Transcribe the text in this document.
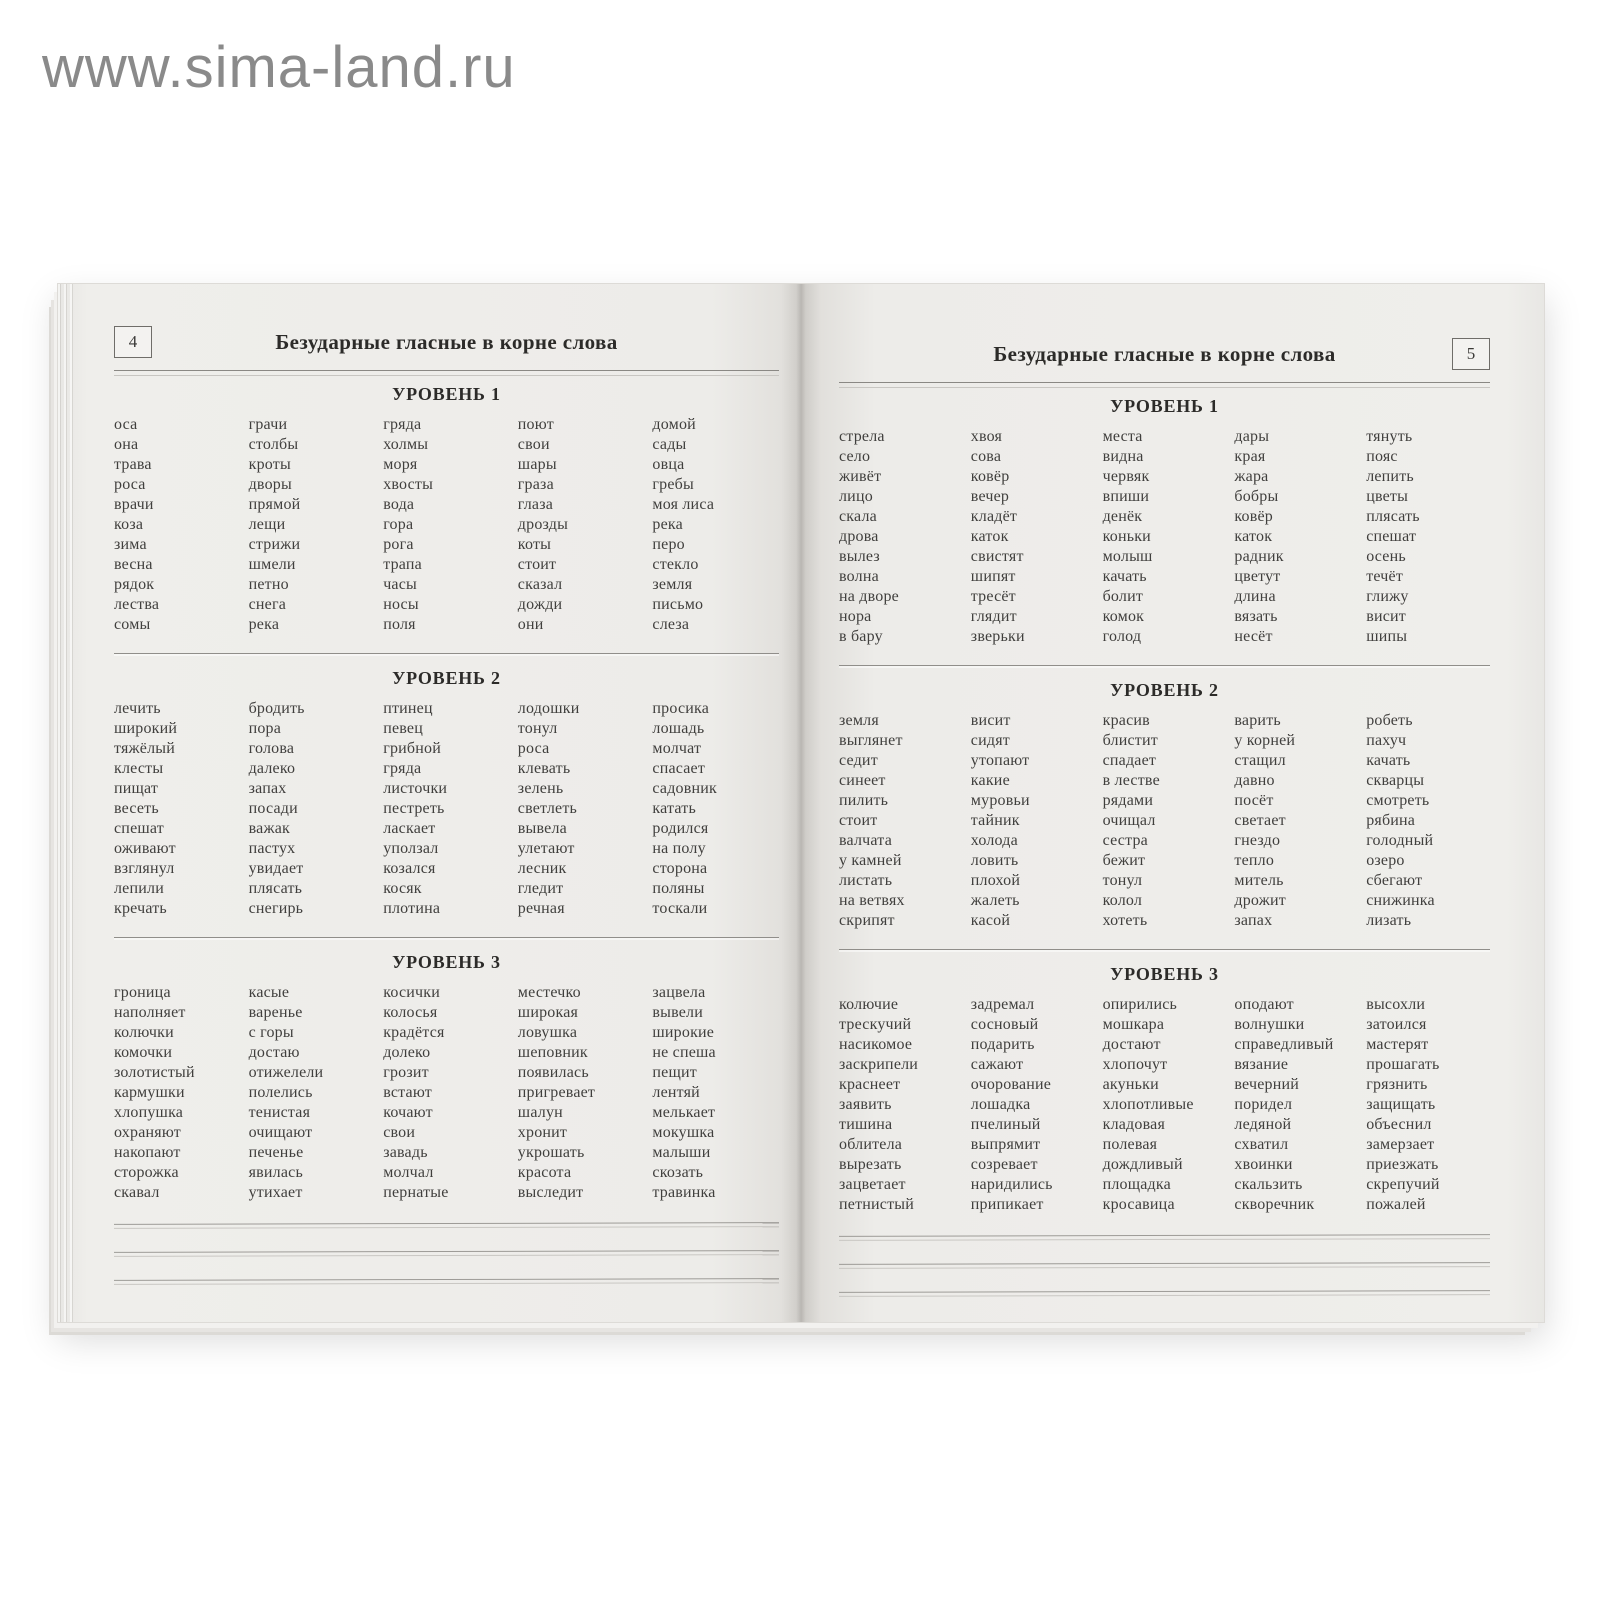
www.sima-land.ru
4	Безударные гласные в корне слова
УРОВЕНЬ 1
оса
она
трава
роса
врачи
коза
зима
весна
рядок
лества
сомы
грачи
столбы
кроты
дворы
прямой
лещи
стрижи
шмели
петно
снега
река
гряда
холмы
моря
хвосты
вода
гора
рога
трапа
часы
носы
поля
поют
свои
шары
граза
глаза
дрозды
коты
стоит
сказал
дожди
они
домой
сады
овца
гребы
моя лиса
река
перо
стекло
земля
письмо
слеза
УРОВЕНЬ 2
лечить
широкий
тяжёлый
клесты
пищат
весеть
спешат
оживают
взглянул
лепили
кречать
бродить
пора
голова
далеко
запах
посади
важак
пастух
увидает
плясать
снегирь
птинец
певец
грибной
гряда
листочки
пестреть
ласкает
уползал
козался
косяк
плотина
лодошки
тонул
роса
клевать
зелень
светлеть
вывела
улетают
лесник
гледит
речная
просика
лошадь
молчат
спасает
садовник
катать
родился
на полу
сторона
поляны
тоскали
УРОВЕНЬ 3
гроница
наполняет
колючки
комочки
золотистый
кармушки
хлопушка
охраняют
накопают
сторожка
скавал
касые
варенье
с горы
достаю
отижелели
полелись
тенистая
очищают
печенье
явилась
утихает
косички
колосья
крадётся
долеко
грозит
встают
кочают
свои
завадь
молчал
пернатые
местечко
широкая
ловушка
шеповник
появилась
пригревает
шалун
хронит
укрошать
красота
выследит
зацвела
вывели
широкие
не спеша
пещит
лентяй
мелькает
мокушка
малыши
скозать
травинка
5
Безударные гласные в корне слова
УРОВЕНЬ 1
стрела
село
живёт
лицо
скала
дрова
вылез
волна
на дворе
нора
в бару
хвоя
сова
ковёр
вечер
кладёт
каток
свистят
шипят
тресёт
глядит
зверьки
места
видна
червяк
впиши
денёк
коньки
молыш
качать
болит
комок
голод
дары
края
жара
бобры
ковёр
каток
радник
цветут
длина
вязать
несёт
тянуть
пояс
лепить
цветы
плясать
спешат
осень
течёт
глижу
висит
шипы
УРОВЕНЬ 2
земля
выглянет
седит
синеет
пилить
стоит
валчата
у камней
листать
на ветвях
скрипят
висит
сидят
утопают
какие
муровьи
тайник
холода
ловить
плохой
жалеть
касой
красив
блистит
спадает
в лестве
рядами
очищал
сестра
бежит
тонул
колол
хотеть
варить
у корней
стащил
давно
посёт
светает
гнездо
тепло
митель
дрожит
запах
робеть
пахуч
качать
скварцы
смотреть
рябина
голодный
озеро
сбегают
снижинка
лизать
УРОВЕНЬ 3
колючие
трескучий
насикомое
заскрипели
краснеет
заявить
тишина
облитела
вырезать
зацветает
петнистый
задремал
сосновый
подарить
сажают
очорование
лошадка
пчелиный
выпрямит
созревает
наридились
припикает
опирились
мошкара
достают
хлопочут
акуньки
хлопотливые
кладовая
полевая
дождливый
площадка
кросавица
оподают
волнушки
справедливый
вязание
вечерний
поридел
ледяной
схватил
хвоинки
скальзить
скворечник
высохли
затоился
мастерят
прошагать
грязнить
защищать
объеснил
замерзает
приезжать
скрепучий
пожалей
